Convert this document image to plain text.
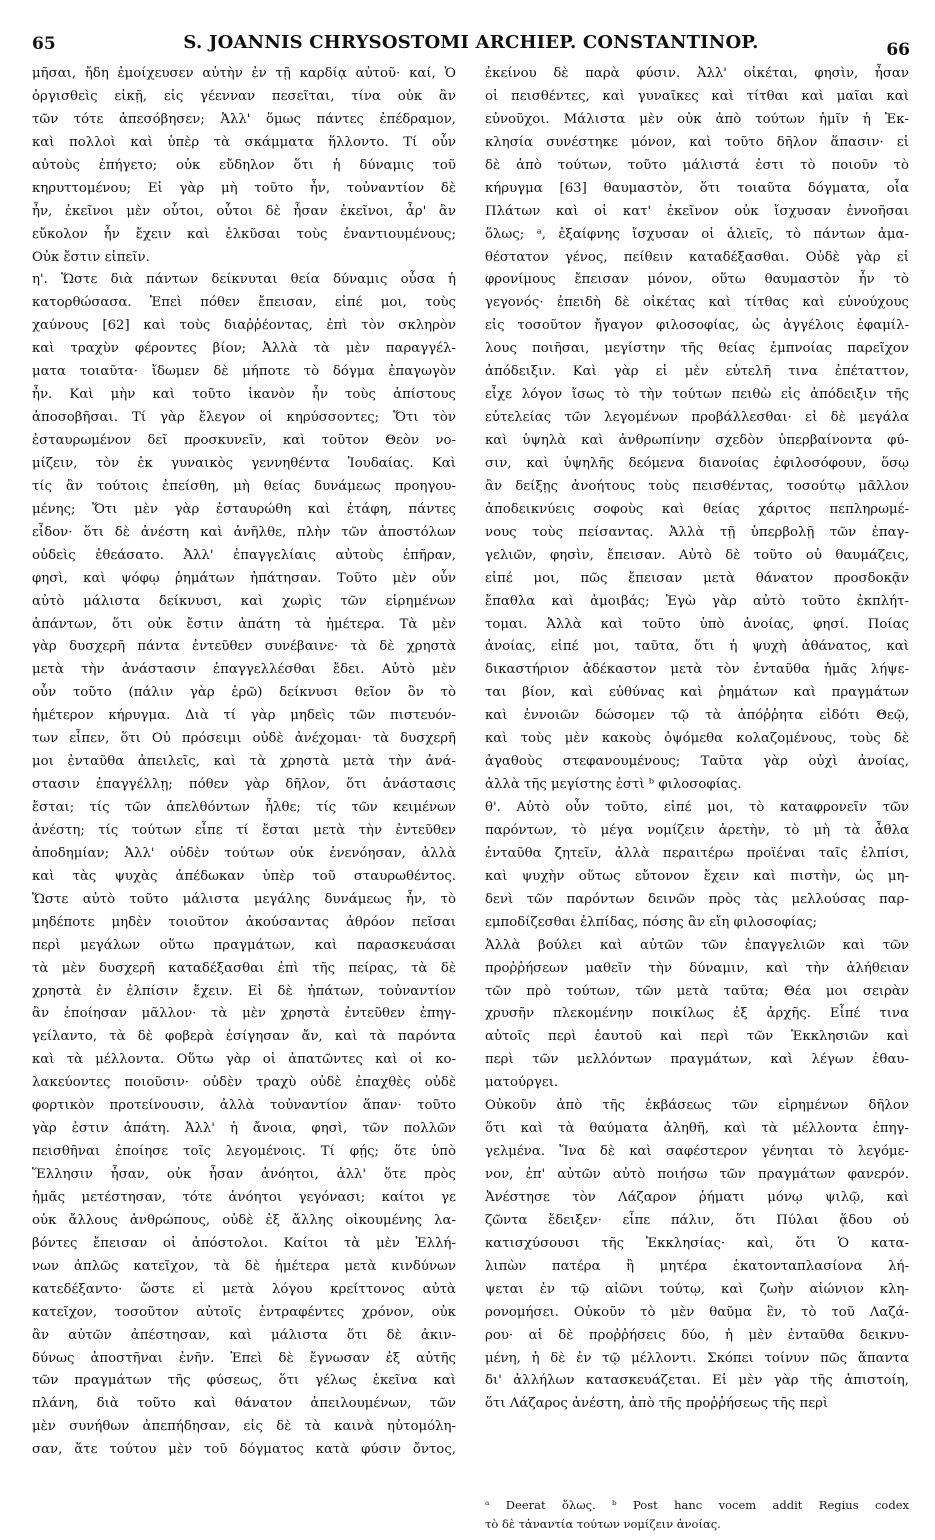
65	S. JOANNIS CHRYSOSTOMI ARCHIEP. CONSTANTINOP.	66
μῆσαι, ἤδη ἐμοίχευσεν αὐτὴν ἐν τῇ καρδίᾳ αὐτοῦ· καί, Ὁ
ὀργισθεὶς εἰκῇ, εἰς γέενναν πεσεῖται, τίνα οὐκ ἂν
τῶν τότε ἀπεσόβησεν; Ἀλλ' ὅμως πάντες ἐπέδραμον,
καὶ πολλοὶ καὶ ὑπὲρ τὰ σκάμματα ἥλλοντο. Τί οὖν
αὐτοὺς ἐπήγετο; οὐκ εὔδηλον ὅτι ἡ δύναμις τοῦ
κηρυττομένου; Εἰ γὰρ μὴ τοῦτο ἦν, τοὐναντίον δὲ
ἦν, ἐκεῖνοι μὲν οὗτοι, οὗτοι δὲ ἦσαν ἐκεῖνοι, ἆρ' ἂν
εὔκολον ἦν ἔχειν καὶ ἑλκῦσαι τοὺς ἐναντιουμένους;
Οὐκ ἔστιν εἰπεῖν.
η'. Ὥστε διὰ πάντων δείκνυται θεία δύναμις οὖσα ἡ
κατορθώσασα. Ἐπεὶ πόθεν ἔπεισαν, εἰπέ μοι, τοὺς
χαύνους [62] καὶ τοὺς διαῤῥέοντας, ἐπὶ τὸν σκληρὸν
καὶ τραχὺν φέροντες βίον; Ἀλλὰ τὰ μὲν παραγγέλ-
ματα τοιαῦτα· ἴδωμεν δὲ μήποτε τὸ δόγμα ἐπαγωγὸν
ἦν. Καὶ μὴν καὶ τοῦτο ἱκανὸν ἦν τοὺς ἀπίστους
ἀποσοβῆσαι. Τί γὰρ ἔλεγον οἱ κηρύσσοντες; Ὅτι τὸν
ἐσταυρωμένον δεῖ προσκυνεῖν, καὶ τοῦτον Θεὸν νο-
μίζειν, τὸν ἐκ γυναικὸς γεννηθέντα Ἰουδαίας. Καὶ
τίς ἂν τούτοις ἐπείσθη, μὴ θείας δυνάμεως προηγου-
μένης; Ὅτι μὲν γὰρ ἐσταυρώθη καὶ ἐτάφη, πάντες
εἶδον· ὅτι δὲ ἀνέστη καὶ ἀνῆλθε, πλὴν τῶν ἀποστόλων
οὐδεὶς ἐθεάσατο. Ἀλλ' ἐπαγγελίαις αὐτοὺς ἐπῆραν,
φησὶ, καὶ ψόφῳ ῥημάτων ἠπάτησαν. Τοῦτο μὲν οὖν
αὐτὸ μάλιστα δείκνυσι, καὶ χωρὶς τῶν εἰρημένων
ἁπάντων, ὅτι οὐκ ἔστιν ἀπάτη τὰ ἡμέτερα. Τὰ μὲν
γὰρ δυσχερῆ πάντα ἐντεῦθεν συνέβαινε· τὰ δὲ χρηστὰ
μετὰ τὴν ἀνάστασιν ἐπαγγελλέσθαι ἔδει. Αὐτὸ μὲν
οὖν τοῦτο (πάλιν γὰρ ἐρῶ) δείκνυσι θεῖον ὂν τὸ
ἡμέτερον κήρυγμα. Διὰ τί γὰρ μηδεὶς τῶν πιστευόν-
των εἶπεν, ὅτι Οὐ πρόσειμι οὐδὲ ἀνέχομαι· τὰ δυσχερῆ
μοι ἐνταῦθα ἀπειλεῖς, καὶ τὰ χρηστὰ μετὰ τὴν ἀνά-
στασιν ἐπαγγέλλῃ; πόθεν γὰρ δῆλον, ὅτι ἀνάστασις
ἔσται; τίς τῶν ἀπελθόντων ἦλθε; τίς τῶν κειμένων
ἀνέστη; τίς τούτων εἶπε τί ἔσται μετὰ τὴν ἐντεῦθεν
ἀποδημίαν; Ἀλλ' οὐδὲν τούτων οὐκ ἐνενόησαν, ἀλλὰ
καὶ τὰς ψυχὰς ἀπέδωκαν ὑπὲρ τοῦ σταυρωθέντος.
Ὥστε αὐτὸ τοῦτο μάλιστα μεγάλης δυνάμεως ἦν, τὸ
μηδέποτε μηδὲν τοιοῦτον ἀκούσαντας ἀθρόον πεῖσαι
περὶ μεγάλων οὕτω πραγμάτων, καὶ παρασκευάσαι
τὰ μὲν δυσχερῆ καταδέξασθαι ἐπὶ τῆς πείρας, τὰ δὲ
χρηστὰ ἐν ἐλπίσιν ἔχειν. Εἰ δὲ ἠπάτων, τοὐναντίον
ἂν ἐποίησαν μᾶλλον· τὰ μὲν χρηστὰ ἐντεῦθεν ἐπηγ-
γείλαντο, τὰ δὲ φοβερὰ ἐσίγησαν ἄν, καὶ τὰ παρόντα
καὶ τὰ μέλλοντα. Οὕτω γὰρ οἱ ἀπατῶντες καὶ οἱ κο-
λακεύοντες ποιοῦσιν· οὐδὲν τραχὺ οὐδὲ ἐπαχθὲς οὐδὲ
φορτικὸν προτείνουσιν, ἀλλὰ τοὐναντίον ἅπαν· τοῦτο
γὰρ ἐστιν ἀπάτη. Ἀλλ' ἡ ἄνοια, φησὶ, τῶν πολλῶν
πεισθῆναι ἐποίησε τοῖς λεγομένοις. Τί φῄς; ὅτε ὑπὸ
Ἕλλησιν ἦσαν, οὐκ ἦσαν ἀνόητοι, ἀλλ' ὅτε πρὸς
ἡμᾶς μετέστησαν, τότε ἀνόητοι γεγόνασι; καίτοι γε
οὐκ ἄλλους ἀνθρώπους, οὐδὲ ἐξ ἄλλης οἰκουμένης λα-
βόντες ἔπεισαν οἱ ἀπόστολοι. Καίτοι τὰ μὲν Ἑλλή-
νων ἁπλῶς κατεῖχον, τὰ δὲ ἡμέτερα μετὰ κινδύνων
κατεδέξαντο· ὥστε εἰ μετὰ λόγου κρείττονος αὐτὰ
κατεῖχον, τοσοῦτον αὐτοῖς ἐντραφέντες χρόνον, οὐκ
ἂν αὐτῶν ἀπέστησαν, καὶ μάλιστα ὅτι δὲ ἀκιν-
δύνως ἀποστῆναι ἐνῆν. Ἐπεὶ δὲ ἔγνωσαν ἐξ αὐτῆς
τῶν πραγμάτων τῆς φύσεως, ὅτι γέλως ἐκεῖνα καὶ
πλάνη, διὰ τοῦτο καὶ θάνατον ἀπειλουμένων, τῶν
μὲν συνήθων ἀπεπήδησαν, εἰς δὲ τὰ καινὰ ηὐτομόλη-
σαν, ἅτε τούτου μὲν τοῦ δόγματος κατὰ φύσιν ὄντος,
ἐκείνου δὲ παρὰ φύσιν. Ἀλλ' οἰκέται, φησὶν, ἦσαν
οἱ πεισθέντες, καὶ γυναῖκες καὶ τίτθαι καὶ μαῖαι καὶ
εὐνοῦχοι. Μάλιστα μὲν οὐκ ἀπὸ τούτων ἡμῖν ἡ Ἐκ-
κλησία συνέστηκε μόνον, καὶ τοῦτο δῆλον ἅπασιν· εἰ
δὲ ἀπὸ τούτων, τοῦτο μάλιστά ἐστι τὸ ποιοῦν τὸ
κήρυγμα [63] θαυμαστὸν, ὅτι τοιαῦτα δόγματα, οἷα
Πλάτων καὶ οἱ κατ' ἐκεῖνον οὐκ ἴσχυσαν ἐννοῆσαι
ὅλως; ᵃ, ἐξαίφνης ἴσχυσαν οἱ ἁλιεῖς, τὸ πάντων ἀμα-
θέστατον γένος, πείθειν καταδέξασθαι. Οὐδὲ γὰρ εἰ
φρονίμους ἔπεισαν μόνον, οὕτω θαυμαστὸν ἦν τὸ
γεγονός· ἐπειδὴ δὲ οἰκέτας καὶ τίτθας καὶ εὐνούχους
εἰς τοσοῦτον ἤγαγον φιλοσοφίας, ὡς ἀγγέλοις ἐφαμίλ-
λους ποιῆσαι, μεγίστην τῆς θείας ἐμπνοίας παρεῖχον
ἀπόδειξιν. Καὶ γὰρ εἰ μὲν εὐτελῆ τινα ἐπέταττον,
εἶχε λόγον ἴσως τὸ τὴν τούτων πειθὼ εἰς ἀπόδειξιν τῆς
εὐτελείας τῶν λεγομένων προβάλλεσθαι· εἰ δὲ μεγάλα
καὶ ὑψηλὰ καὶ ἀνθρωπίνην σχεδὸν ὑπερβαίνοντα φύ-
σιν, καὶ ὑψηλῆς δεόμενα διανοίας ἐφιλοσόφουν, ὅσῳ
ἂν δείξῃς ἀνοήτους τοὺς πεισθέντας, τοσούτῳ μᾶλλον
ἀποδεικνύεις σοφοὺς καὶ θείας χάριτος πεπληρωμέ-
νους τοὺς πείσαντας. Ἀλλὰ τῇ ὑπερβολῇ τῶν ἐπαγ-
γελιῶν, φησὶν, ἔπεισαν. Αὐτὸ δὲ τοῦτο οὐ θαυμάζεις,
εἰπέ μοι, πῶς ἔπεισαν μετὰ θάνατον προσδοκᾷν
ἔπαθλα καὶ ἀμοιβάς; Ἐγὼ γὰρ αὐτὸ τοῦτο ἐκπλήτ-
τομαι. Ἀλλὰ καὶ τοῦτο ὑπὸ ἀνοίας, φησί. Ποίας
ἀνοίας, εἰπέ μοι, ταῦτα, ὅτι ἡ ψυχὴ ἀθάνατος, καὶ
δικαστήριον ἀδέκαστον μετὰ τὸν ἐνταῦθα ἡμᾶς λήψε-
ται βίον, καὶ εὐθύνας καὶ ῥημάτων καὶ πραγμάτων
καὶ ἐννοιῶν δώσομεν τῷ τὰ ἀπόῤῥητα εἰδότι Θεῷ,
καὶ τοὺς μὲν κακοὺς ὀψόμεθα κολαζομένους, τοὺς δὲ
ἀγαθοὺς στεφανουμένους; Ταῦτα γὰρ οὐχὶ ἀνοίας,
ἀλλὰ τῆς μεγίστης ἐστὶ ᵇ φιλοσοφίας.
θ'. Αὐτὸ οὖν τοῦτο, εἰπέ μοι, τὸ καταφρονεῖν τῶν
παρόντων, τὸ μέγα νομίζειν ἀρετὴν, τὸ μὴ τὰ ἆθλα
ἐνταῦθα ζητεῖν, ἀλλὰ περαιτέρω προϊέναι ταῖς ἐλπίσι,
καὶ ψυχὴν οὕτως εὔτονον ἔχειν καὶ πιστὴν, ὡς μη-
δενὶ τῶν παρόντων δεινῶν πρὸς τὰς μελλούσας παρ-
εμποδίζεσθαι ἐλπίδας, πόσης ἂν εἴη φιλοσοφίας;
Ἀλλὰ βούλει καὶ αὐτῶν τῶν ἐπαγγελιῶν καὶ τῶν
προῤῥήσεων μαθεῖν τὴν δύναμιν, καὶ τὴν ἀλήθειαν
τῶν πρὸ τούτων, τῶν μετὰ ταῦτα; Θέα μοι σειρὰν
χρυσῆν πλεκομένην ποικίλως ἐξ ἀρχῆς. Εἶπέ τινα
αὐτοῖς περὶ ἑαυτοῦ καὶ περὶ τῶν Ἐκκλησιῶν καὶ
περὶ τῶν μελλόντων πραγμάτων, καὶ λέγων ἐθαυ-
ματούργει.
Οὐκοῦν ἀπὸ τῆς ἐκβάσεως τῶν εἰρημένων δῆλον
ὅτι καὶ τὰ θαύματα ἀληθῆ, καὶ τὰ μέλλοντα ἐπηγ-
γελμένα. Ἵνα δὲ καὶ σαφέστερον γένηται τὸ λεγόμε-
νον, ἐπ' αὐτῶν αὐτὸ ποιήσω τῶν πραγμάτων φανερόν.
Ἀνέστησε τὸν Λάζαρον ῥήματι μόνῳ ψιλῷ, καὶ
ζῶντα ἔδειξεν· εἶπε πάλιν, ὅτι Πύλαι ᾅδου οὐ
κατισχύσουσι τῆς Ἐκκλησίας· καὶ, ὅτι Ὁ κατα-
λιπὼν πατέρα ἢ μητέρα ἑκατονταπλασίονα λή-
ψεται ἐν τῷ αἰῶνι τούτῳ, καὶ ζωὴν αἰώνιον κλη-
ρονομήσει. Οὐκοῦν τὸ μὲν θαῦμα ἓν, τὸ τοῦ Λαζά-
ρου· αἱ δὲ προῤῥήσεις δύο, ἡ μὲν ἐνταῦθα δεικνυ-
μένη, ἡ δὲ ἐν τῷ μέλλοντι. Σκόπει τοίνυν πῶς ἅπαντα
δι' ἀλλήλων κατασκευάζεται. Εἰ μὲν γὰρ τῆς ἀπιστοίη,
ὅτι Λάζαρος ἀνέστη, ἀπὸ τῆς προῤῥήσεως τῆς περὶ
ᵃ Deerat ὅλως. ᵇ Post hanc vocem addit Regius codex
τὸ δὲ τἀναντία τούτων νομίζειν ἀνοίας.
